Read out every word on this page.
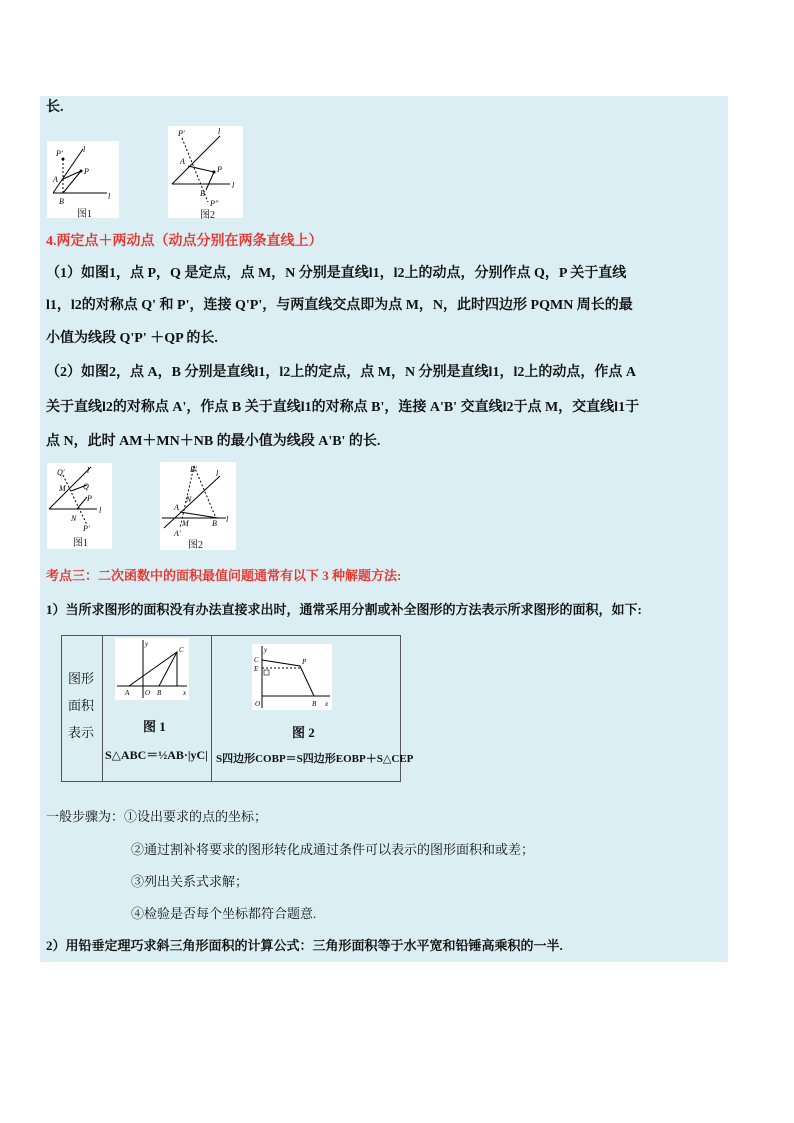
长.
P'	l
P
A
B
l
图1
P'	l
A
P
B
l
P''
图2
4.两定点＋两动点（动点分别在两条直线上）
（1）如图1，点 P，Q 是定点，点 M，N 分别是直线l1，l2上的动点，分别作点 Q，P 关于直线
l1，l2的对称点 Q' 和 P'，连接 Q'P'，与两直线交点即为点 M，N，此时四边形 PQMN 周长的最
小值为线段 Q'P' ＋QP 的长.
（2）如图2，点 A，B 分别是直线l1，l2上的定点，点 M，N 分别是直线l1，l2上的动点，作点 A
关于直线l2的对称点 A'，作点 B 关于直线l1的对称点 B'，连接 A'B' 交直线l2于点 M，交直线l1于
点 N，此时 AM＋MN＋NB 的最小值为线段 A'B' 的长.
Q'	l
M Q
P
N
l
P'
图1
B' l
N
A
M	B l
A'
图2
考点三：二次函数中的面积最值问题通常有以下 3 种解题方法:
1）当所求图形的面积没有办法直接求出时，通常采用分割或补全图形的方法表示所求图形的面积，如下:
图形
面积
表示
A O B
C
x
y
图 1
S△ABC＝½AB·|yC|
C
E
P
O	B x
y
图 2
S四边形COBP＝S四边形EOBP＋S△CEP
一般步骤为：①设出要求的点的坐标；
②通过割补将要求的图形转化成通过条件可以表示的图形面积和或差；
③列出关系式求解；
④检验是否每个坐标都符合题意.
2）用铅垂定理巧求斜三角形面积的计算公式：三角形面积等于水平宽和铅锤高乘积的一半.
